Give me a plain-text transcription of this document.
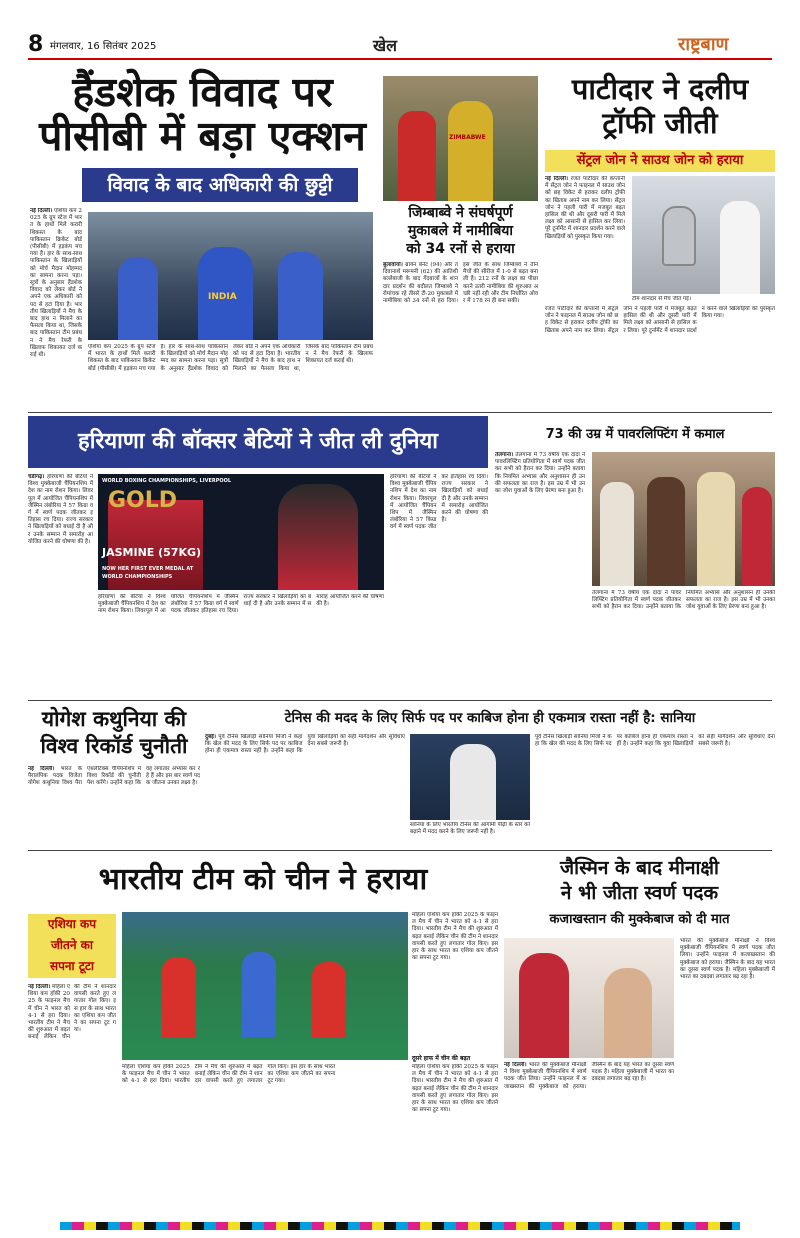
8 मंगलवार, 16 सितंबर 2025	खेल	राष्ट्रबाण
हैंडशेक विवाद पर
पीसीबी में बड़ा एक्शन
विवाद के बाद अधिकारी की छुट्टी
नई दिल्ली। एशिया कप 2025 के ग्रुप स्टेज में भारत के हाथों मिले करारी शिकस्त के बाद पाकिस्तान क्रिकेट बोर्ड (पीसीबी) में हड़कंप मच गया है। हार के साथ-साथ पाकिस्तान के खिलाड़ियों को मोर्च मैदान मोहम्मद का सामना करना पड़ा। सूत्रों के अनुसार हैंडशेक विवाद को लेकर बोर्ड ने अपने एक अधिकारी को पद से हटा दिया है। भारतीय खिलाड़ियों ने मैच के बाद हाथ न मिलाने का फैसला किया था, जिसके बाद पाकिस्तान टीम प्रबंधन ने मैच रेफरी के खिलाफ शिकायत दर्ज कराई थी।
INDIA
एशिया कप 2025 के ग्रुप स्टेज में भारत के हाथों मिले करारी शिकस्त के बाद पाकिस्तान क्रिकेट बोर्ड (पीसीबी) में हड़कंप मच गया है। हार के साथ-साथ पाकिस्तान के खिलाड़ियों को मोर्च मैदान मोहम्मद का सामना करना पड़ा। सूत्रों के अनुसार हैंडशेक विवाद को लेकर बोर्ड ने अपने एक अधिकारी को पद से हटा दिया है। भारतीय खिलाड़ियों ने मैच के बाद हाथ न मिलाने का फैसला किया था, जिसके बाद पाकिस्तान टीम प्रबंधन ने मैच रेफरी के खिलाफ शिकायत दर्ज कराई थी।
ZIMBABWE
जिम्बाब्वे ने संघर्षपूर्ण
मुकाबले में नामीबिया
को 34 रनों से हराया
बुलावायो। ब्रायन बेनेट (94) और तदिवानाशे मरूमनी (62) की आतिशी बल्लेबाजी के बाद गेंदबाजों के शानदार प्रदर्शन की बदौलत जिम्बाब्वे ने रोमांचक रहे तीसरे टी-20 मुकाबले में नामीबिया को 34 रनों से हरा दिया। इस जीत के साथ जिम्बाब्वे ने तीन मैचों की सीरीज में 1-0 से बढ़त बना ली है। 212 रनों के लक्ष्य का पीछा करने उतरी नामीबिया की शुरुआत अच्छी नहीं रही और टीम निर्धारित ओवर में 178 रन ही बना सकी।
पाटीदार ने दलीप
ट्रॉफी जीती
सेंट्रल जोन ने साउथ जोन को हराया
नई दिल्ली। रजत पाटीदार की कप्तानी में सेंट्रल जोन ने फाइनल में साउथ जोन को छह विकेट से हराकर दलीप ट्रॉफी का खिताब अपने नाम कर लिया। सेंट्रल जोन ने पहली पारी में मजबूत बढ़त हासिल की थी और दूसरी पारी में मिले लक्ष्य को आसानी से हासिल कर लिया। पूरे टूर्नामेंट में शानदार प्रदर्शन करने वाले खिलाड़ियों को पुरस्कृत किया गया।
टीम शानदार से मैच जीत गई।
रजत पाटीदार की कप्तानी में सेंट्रल जोन ने फाइनल में साउथ जोन को छह विकेट से हराकर दलीप ट्रॉफी का खिताब अपने नाम कर लिया। सेंट्रल जोन ने पहली पारी में मजबूत बढ़त हासिल की थी और दूसरी पारी में मिले लक्ष्य को आसानी से हासिल कर लिया। पूरे टूर्नामेंट में शानदार प्रदर्शन करने वाले खिलाड़ियों को पुरस्कृत किया गया।
हरियाणा की बॉक्सर बेटियों ने जीत ली दुनिया
चंडीगढ़। हरियाणा की बेटियों ने विश्व मुक्केबाजी चैंपियनशिप में देश का नाम रोशन किया। लिवरपूल में आयोजित चैंपियनशिप में जैस्मिन लंबोरिया ने 57 किग्रा वर्ग में स्वर्ण पदक जीतकर इतिहास रच दिया। राज्य सरकार ने खिलाड़ियों को बधाई दी है और उनके सम्मान में समारोह आयोजित करने की घोषणा की है।
WORLD BOXING CHAMPIONSHIPS, LIVERPOOL
GOLD
JASMINE (57KG)
NOW HER FIRST EVER MEDAL AT
WORLD CHAMPIONSHIPS
हरियाणा की बेटियों ने विश्व मुक्केबाजी चैंपियनशिप में देश का नाम रोशन किया। लिवरपूल में आयोजित चैंपियनशिप में जैस्मिन लंबोरिया ने 57 किग्रा वर्ग में स्वर्ण पदक जीतकर इतिहास रच दिया। राज्य सरकार ने खिलाड़ियों को बधाई दी है और उनके सम्मान में समारोह आयोजित करने की घोषणा की है।
हरियाणा की बेटियों ने विश्व मुक्केबाजी चैंपियनशिप में देश का नाम रोशन किया। लिवरपूल में आयोजित चैंपियनशिप में जैस्मिन लंबोरिया ने 57 किग्रा वर्ग में स्वर्ण पदक जीतकर इतिहास रच दिया। राज्य सरकार ने खिलाड़ियों को बधाई दी है और उनके सम्मान में समारोह आयोजित करने की घोषणा की है।
73 की उम्र में पावरलिफ्टिंग में कमाल
तेलंगाना। तेलंगाना में 73 वर्षीय एक दादा ने पावरलिफ्टिंग प्रतियोगिता में स्वर्ण पदक जीतकर सभी को हैरान कर दिया। उन्होंने बताया कि नियमित अभ्यास और अनुशासन ही उनकी सफलता का राज है। इस उम्र में भी उनका जोश युवाओं के लिए प्रेरणा बना हुआ है।
तेलंगाना में 73 वर्षीय एक दादा ने पावरलिफ्टिंग प्रतियोगिता में स्वर्ण पदक जीतकर सभी को हैरान कर दिया। उन्होंने बताया कि नियमित अभ्यास और अनुशासन ही उनकी सफलता का राज है। इस उम्र में भी उनका जोश युवाओं के लिए प्रेरणा बना हुआ है।
योगेश कथुनिया की
विश्व रिकॉर्ड चुनौती
नई दिल्ली। भारत के पैरालंपिक पदक विजेता योगेश कथुनिया विश्व पैरा एथलेटिक्स चैंपियनशिप में विश्व रिकॉर्ड की चुनौती पेश करेंगे। उन्होंने कहा कि वह लगातार अभ्यास कर रहे हैं और इस बार स्वर्ण पदक जीतना उनका लक्ष्य है।
टेनिस की मदद के लिए सिर्फ पद पर काबिज होना ही एकमात्र रास्ता नहीं है: सानिया
दुबई। पूर्व टेनिस खिलाड़ी सानिया मिर्जा ने कहा कि खेल की मदद के लिए सिर्फ पद पर काबिज होना ही एकमात्र रास्ता नहीं है। उन्होंने कहा कि युवा खिलाड़ियों को सही मार्गदर्शन और सुविधाएं देना सबसे जरूरी है।
सानिया के लिए भारतीय टेनिस की आगामी पीढ़ी के स्तर को बढ़ाने में मदद करने के लिए जरूरी नहीं है।
पूर्व टेनिस खिलाड़ी सानिया मिर्जा ने कहा कि खेल की मदद के लिए सिर्फ पद पर काबिज होना ही एकमात्र रास्ता नहीं है। उन्होंने कहा कि युवा खिलाड़ियों को सही मार्गदर्शन और सुविधाएं देना सबसे जरूरी है।
भारतीय टीम को चीन ने हराया
एशिया कप
जीतने का
सपना टूटा
नई दिल्ली। महिला एशिया कप हॉकी 2025 के फाइनल मैच में चीन ने भारत को 4-1 से हरा दिया। भारतीय टीम ने मैच की शुरुआत में बढ़त बनाई लेकिन चीन की टीम ने शानदार वापसी करते हुए लगातार गोल किए। इस हार के साथ भारत का एशिया कप जीतने का सपना टूट गया।
महिला एशिया कप हॉकी 2025 के फाइनल मैच में चीन ने भारत को 4-1 से हरा दिया। भारतीय टीम ने मैच की शुरुआत में बढ़त बनाई लेकिन चीन की टीम ने शानदार वापसी करते हुए लगातार गोल किए। इस हार के साथ भारत का एशिया कप जीतने का सपना टूट गया।
महिला एशिया कप हॉकी 2025 के फाइनल मैच में चीन ने भारत को 4-1 से हरा दिया। भारतीय टीम ने मैच की शुरुआत में बढ़त बनाई लेकिन चीन की टीम ने शानदार वापसी करते हुए लगातार गोल किए। इस हार के साथ भारत का एशिया कप जीतने का सपना टूट गया।
दूसरे हाफ में चीन की बढ़त
महिला एशिया कप हॉकी 2025 के फाइनल मैच में चीन ने भारत को 4-1 से हरा दिया। भारतीय टीम ने मैच की शुरुआत में बढ़त बनाई लेकिन चीन की टीम ने शानदार वापसी करते हुए लगातार गोल किए। इस हार के साथ भारत का एशिया कप जीतने का सपना टूट गया।
जैस्मिन के बाद मीनाक्षी
ने भी जीता स्वर्ण पदक
कजाखस्तान की मुक्केबाज को दी मात
नई दिल्ली। भारत की मुक्केबाज मीनाक्षी ने विश्व मुक्केबाजी चैंपियनशिप में स्वर्ण पदक जीत लिया। उन्होंने फाइनल में कजाखस्तान की मुक्केबाज को हराया। जैस्मिन के बाद यह भारत का दूसरा स्वर्ण पदक है। महिला मुक्केबाजी में भारत का दबदबा लगातार बढ़ रहा है।
भारत की मुक्केबाज मीनाक्षी ने विश्व मुक्केबाजी चैंपियनशिप में स्वर्ण पदक जीत लिया। उन्होंने फाइनल में कजाखस्तान की मुक्केबाज को हराया। जैस्मिन के बाद यह भारत का दूसरा स्वर्ण पदक है। महिला मुक्केबाजी में भारत का दबदबा लगातार बढ़ रहा है।
